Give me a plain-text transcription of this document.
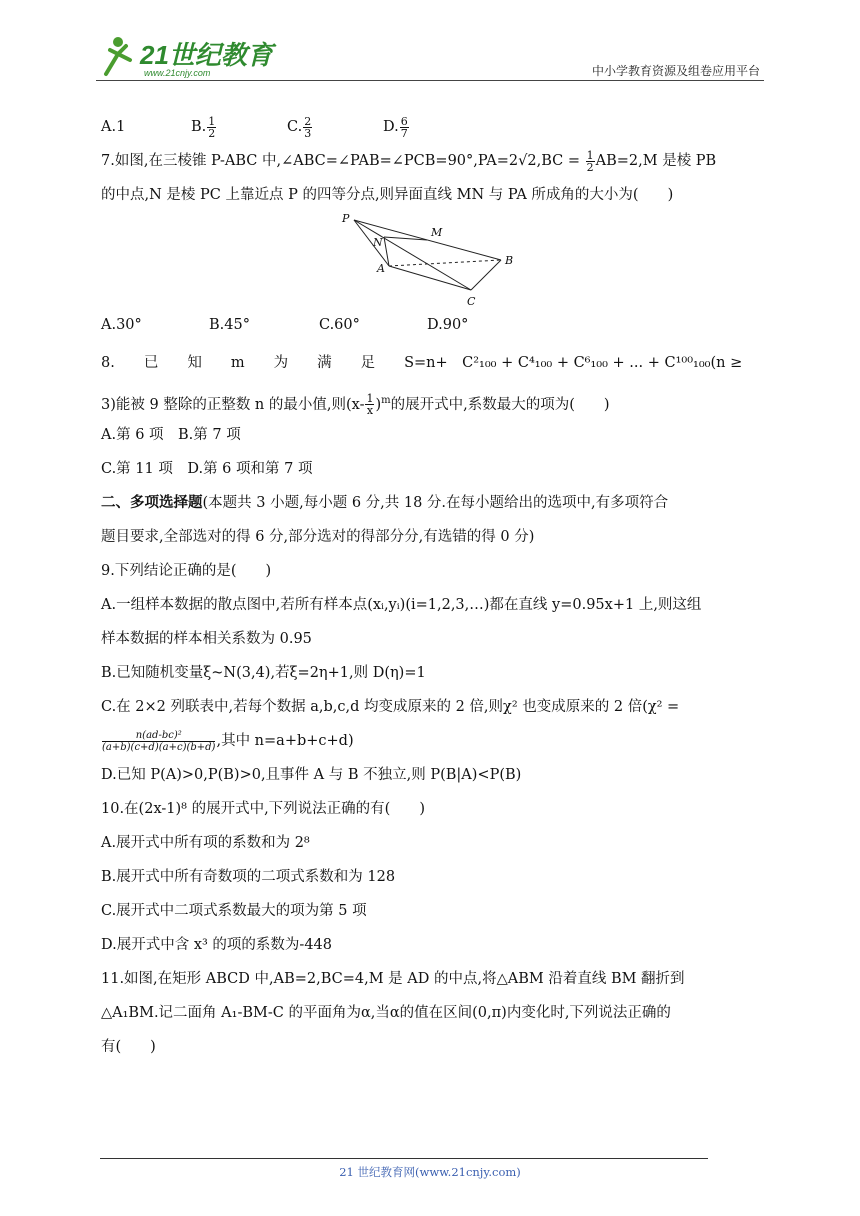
21世纪教育
www.21cnjy.com	中小学教育资源及组卷应用平台
A.1	B. $\frac{1}{2}$	C. $\frac{2}{3}$	D. $\frac{6}{7}$
7.如图,在三棱锥 P-ABC 中,∠ABC=∠PAB=∠PCB=90°,PA=2√2,BC = $\frac{1}{2} AB=2,M$ 是棱 PB
的中点,N 是棱 PC 上靠近点 P 的四等分点,则异面直线 MN 与 PA 所成角的大小为(　　)
P
M
N
A
B
C
A.30°	B.45°	C.60°	D.90°
8.　　已　　知　　m　　为　　满　　足　　S=n+　C²₁₀₀ + C⁴₁₀₀ + C⁶₁₀₀ + ... + C¹⁰⁰₁₀₀(n ≥
3)能被 9 整除的正整数 n 的最小值,则$(x- \frac{1}{x} )^m$的展开式中,系数最大的项为(　　)
A.第 6 项　B.第 7 项
C.第 11 项　D.第 6 项和第 7 项
二、多项选择题(本题共 3 小题,每小题 6 分,共 18 分.在每小题给出的选项中,有多项符合
题目要求,全部选对的得 6 分,部分选对的得部分分,有选错的得 0 分)
9.下列结论正确的是(　　)
A.一组样本数据的散点图中,若所有样本点(xᵢ,yᵢ)(i=1,2,3,…)都在直线 y=0.95x+1 上,则这组
样本数据的样本相关系数为 0.95
B.已知随机变量ξ~N(3,4),若ξ=2η+1,则 D(η)=1
C.在 2×2 列联表中,若每个数据 a,b,c,d 均变成原来的 2 倍,则χ² 也变成原来的 2 倍(χ² =
$\frac{\text{n(ad-bc)²}}{(a+b)(c+d)(a+c)(b+d)}$ ,其中 n=a+b+c+d)
D.已知 P(A)>0,P(B)>0,且事件 A 与 B 不独立,则 P(B|A)<P(B)
10.在(2x-1)⁸ 的展开式中,下列说法正确的有(　　)
A.展开式中所有项的系数和为 2⁸
B.展开式中所有奇数项的二项式系数和为 128
C.展开式中二项式系数最大的项为第 5 项
D.展开式中含 x³ 的项的系数为-448
11.如图,在矩形 ABCD 中,AB=2,BC=4,M 是 AD 的中点,将△ABM 沿着直线 BM 翻折到
△A₁BM.记二面角 A₁-BM-C 的平面角为α,当α的值在区间(0,π)内变化时,下列说法正确的
有(　　)
21 世纪教育网(www.21cnjy.com)
